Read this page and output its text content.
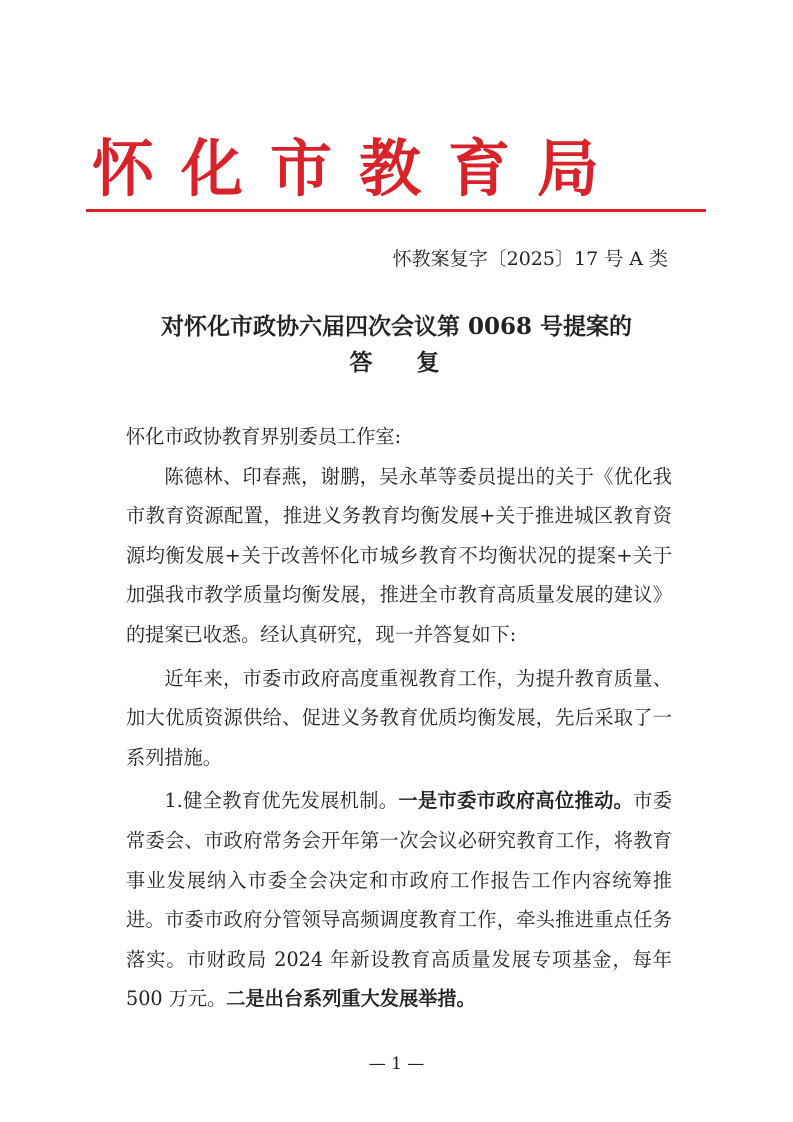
怀化市教育局
怀教案复字〔2025〕17 号 A 类
对怀化市政协六届四次会议第 0068 号提案的
答 复

怀化市政协教育界别委员工作室:

陈德林、印春燕，谢鹏，吴永革等委员提出的关于《优化我市教育资源配置，推进义务教育均衡发展+关于推进城区教育资源均衡发展+关于改善怀化市城乡教育不均衡状况的提案+关于加强我市教学质量均衡发展，推进全市教育高质量发展的建议》的提案已收悉。经认真研究，现一并答复如下:

近年来，市委市政府高度重视教育工作，为提升教育质量、加大优质资源供给、促进义务教育优质均衡发展，先后采取了一系列措施。

1.健全教育优先发展机制。一是市委市政府高位推动。市委常委会、市政府常务会开年第一次会议必研究教育工作，将教育事业发展纳入市委全会决定和市政府工作报告工作内容统筹推进。市委市政府分管领导高频调度教育工作，牵头推进重点任务落实。市财政局 2024 年新设教育高质量发展专项基金，每年 500 万元。二是出台系列重大发展举措。

— 1 —
